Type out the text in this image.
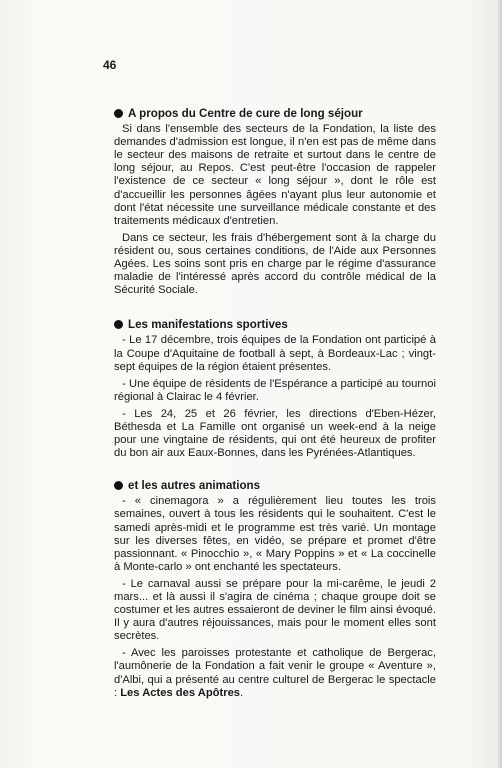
46
A propos du Centre de cure de long séjour

Si dans l'ensemble des secteurs de la Fondation, la liste des demandes d'admission est longue, il n'en est pas de même dans le secteur des maisons de retraite et surtout dans le centre de long séjour, au Repos. C'est peut-être l'occasion de rappeler l'existence de ce secteur « long séjour », dont le rôle est d'accueillir les personnes âgées n'ayant plus leur autonomie et dont l'état nécessite une surveillance médicale constante et des traitements médicaux d'entretien.

Dans ce secteur, les frais d'hébergement sont à la charge du résident ou, sous certaines conditions, de l'Aide aux Personnes Agées. Les soins sont pris en charge par le régime d'assurance maladie de l'intéressé après accord du contrôle médical de la Sécurité Sociale.

Les manifestations sportives

- Le 17 décembre, trois équipes de la Fondation ont participé à la Coupe d'Aquitaine de football à sept, à Bordeaux-Lac ; vingt-sept équipes de la région étaient présentes.

- Une équipe de résidents de l'Espérance a participé au tournoi régional à Clairac le 4 février.

- Les 24, 25 et 26 février, les directions d'Eben-Hézer, Béthesda et La Famille ont organisé un week-end à la neige pour une vingtaine de résidents, qui ont été heureux de profiter du bon air aux Eaux-Bonnes, dans les Pyrénées-Atlantiques.

et les autres animations

- « cinemagora » a régulièrement lieu toutes les trois semaines, ouvert à tous les résidents qui le souhaitent. C'est le samedi après-midi et le programme est très varié. Un montage sur les diverses fêtes, en vidéo, se prépare et promet d'être passionnant. « Pinocchio », « Mary Poppins » et « La coccinelle à Monte-carlo » ont enchanté les spectateurs.

- Le carnaval aussi se prépare pour la mi-carême, le jeudi 2 mars... et là aussi il s'agira de cinéma ; chaque groupe doit se costumer et les autres essaieront de deviner le film ainsi évoqué. Il y aura d'autres réjouissances, mais pour le moment elles sont secrètes.

- Avec les paroisses protestante et catholique de Bergerac, l'aumônerie de la Fondation a fait venir le groupe « Aventure », d'Albi, qui a présenté au centre culturel de Bergerac le spectacle : Les Actes des Apôtres.
